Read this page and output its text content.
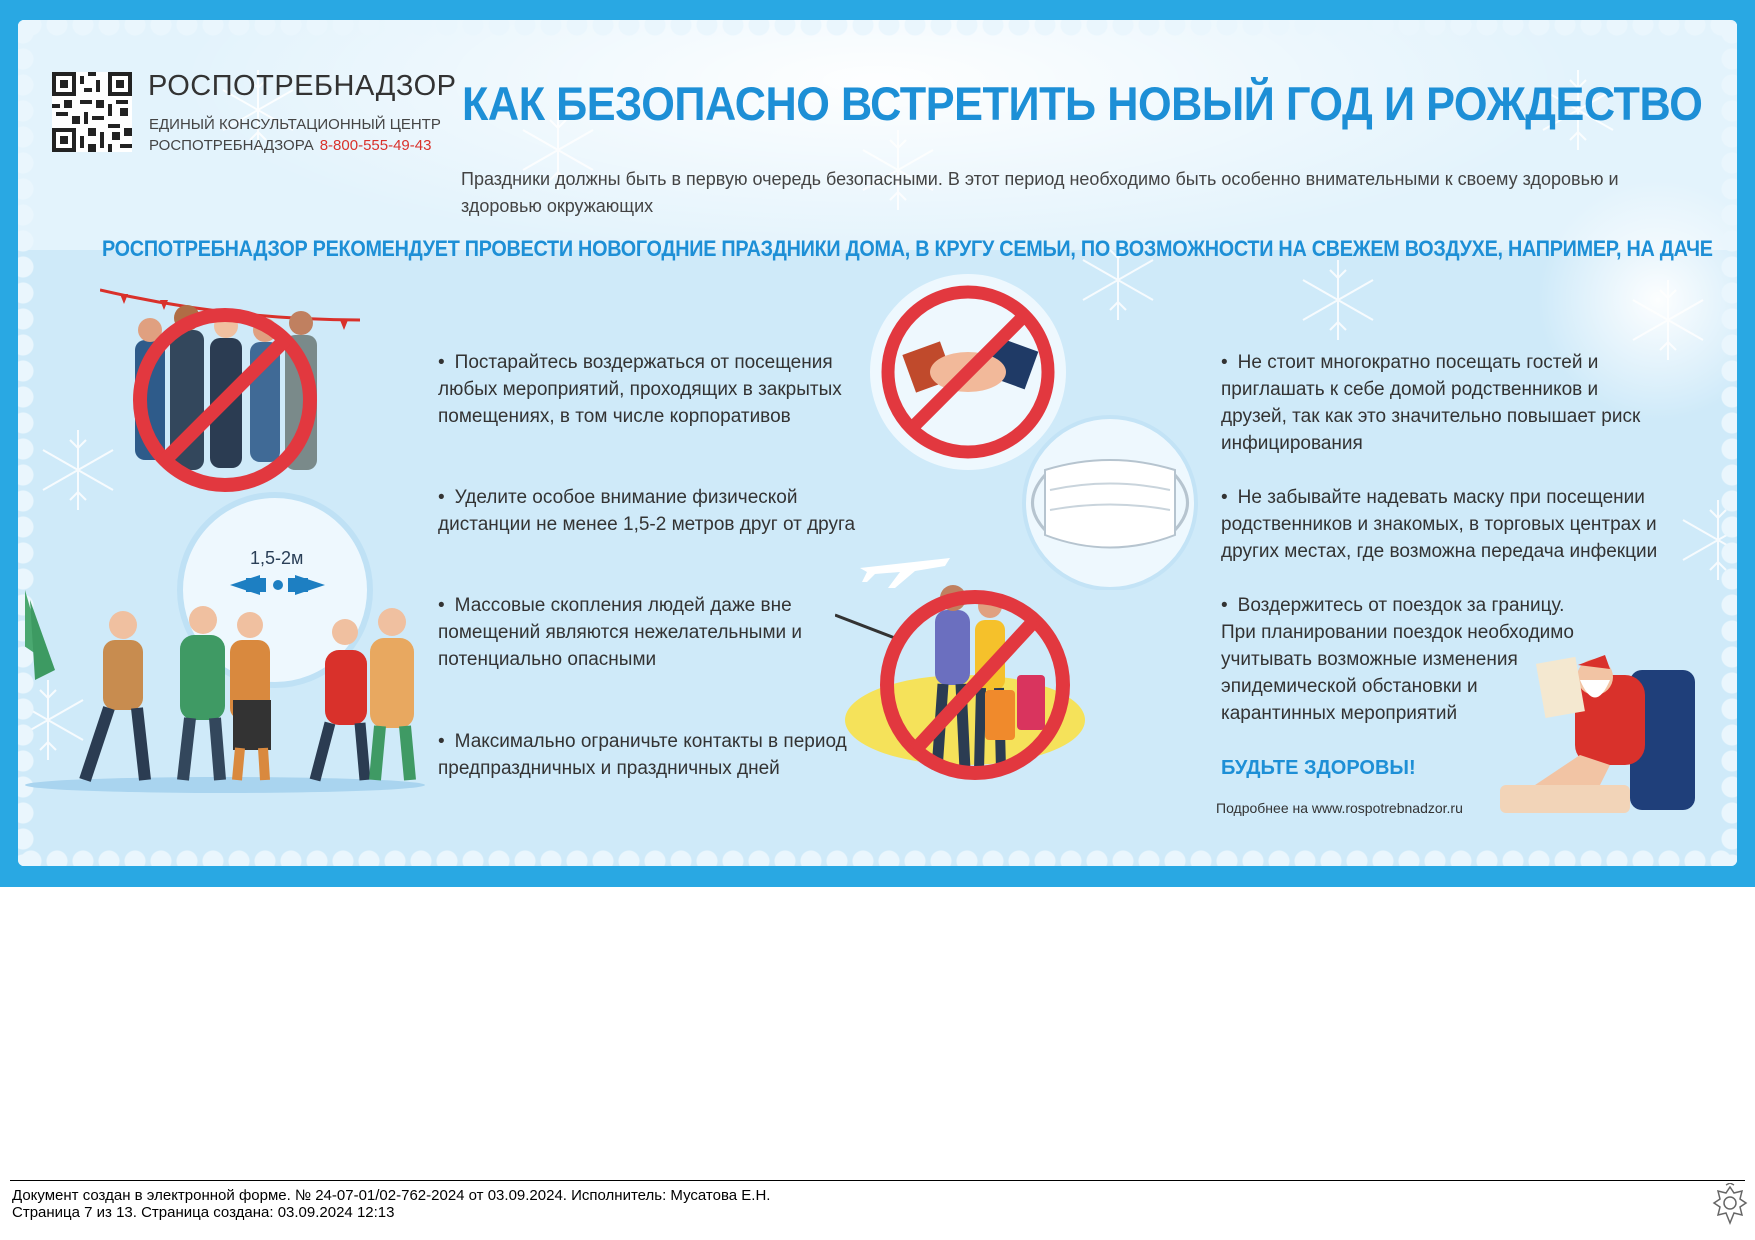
РОСПОТРЕБНАДЗОР
ЕДИНЫЙ КОНСУЛЬТАЦИОННЫЙ ЦЕНТР
РОСПОТРЕБНАДЗОРА 8-800-555-49-43
КАК БЕЗОПАСНО ВСТРЕТИТЬ НОВЫЙ ГОД И РОЖДЕСТВО
Праздники должны быть в первую очередь безопасными. В этот период необходимо быть особенно внимательными к своему здоровью и здоровью окружающих
РОСПОТРЕБНАДЗОР РЕКОМЕНДУЕТ ПРОВЕСТИ НОВОГОДНИЕ ПРАЗДНИКИ ДОМА, В КРУГУ СЕМЬИ, ПО ВОЗМОЖНОСТИ НА СВЕЖЕМ ВОЗДУХЕ, НАПРИМЕР, НА ДАЧЕ
1,5-2м
• Постарайтесь воздержаться от посещения любых мероприятий, проходящих в закрытых помещениях, в том числе корпоративов
• Уделите особое внимание физической дистанции не менее 1,5-2 метров друг от друга
• Массовые скопления людей даже вне помещений являются нежелательными и потенциально опасными
• Максимально ограничьте контакты в период предпраздничных и праздничных дней
• Не стоит многократно посещать гостей и приглашать к себе домой родственников и друзей, так как это значительно повышает риск инфицирования
• Не забывайте надевать маску при посещении родственников и знакомых, в торговых центрах и других местах, где возможна передача инфекции
• Воздержитесь от поездок за границу. При планировании поездок необходимо учитывать возможные изменения эпидемической обстановки и карантинных мероприятий
БУДЬТЕ ЗДОРОВЫ!
Подробнее на www.rospotrebnadzor.ru
Документ создан в электронной форме. № 24-07-01/02-762-2024 от 03.09.2024. Исполнитель: Мусатова Е.Н.
Страница 7 из 13. Страница создана: 03.09.2024 12:13
